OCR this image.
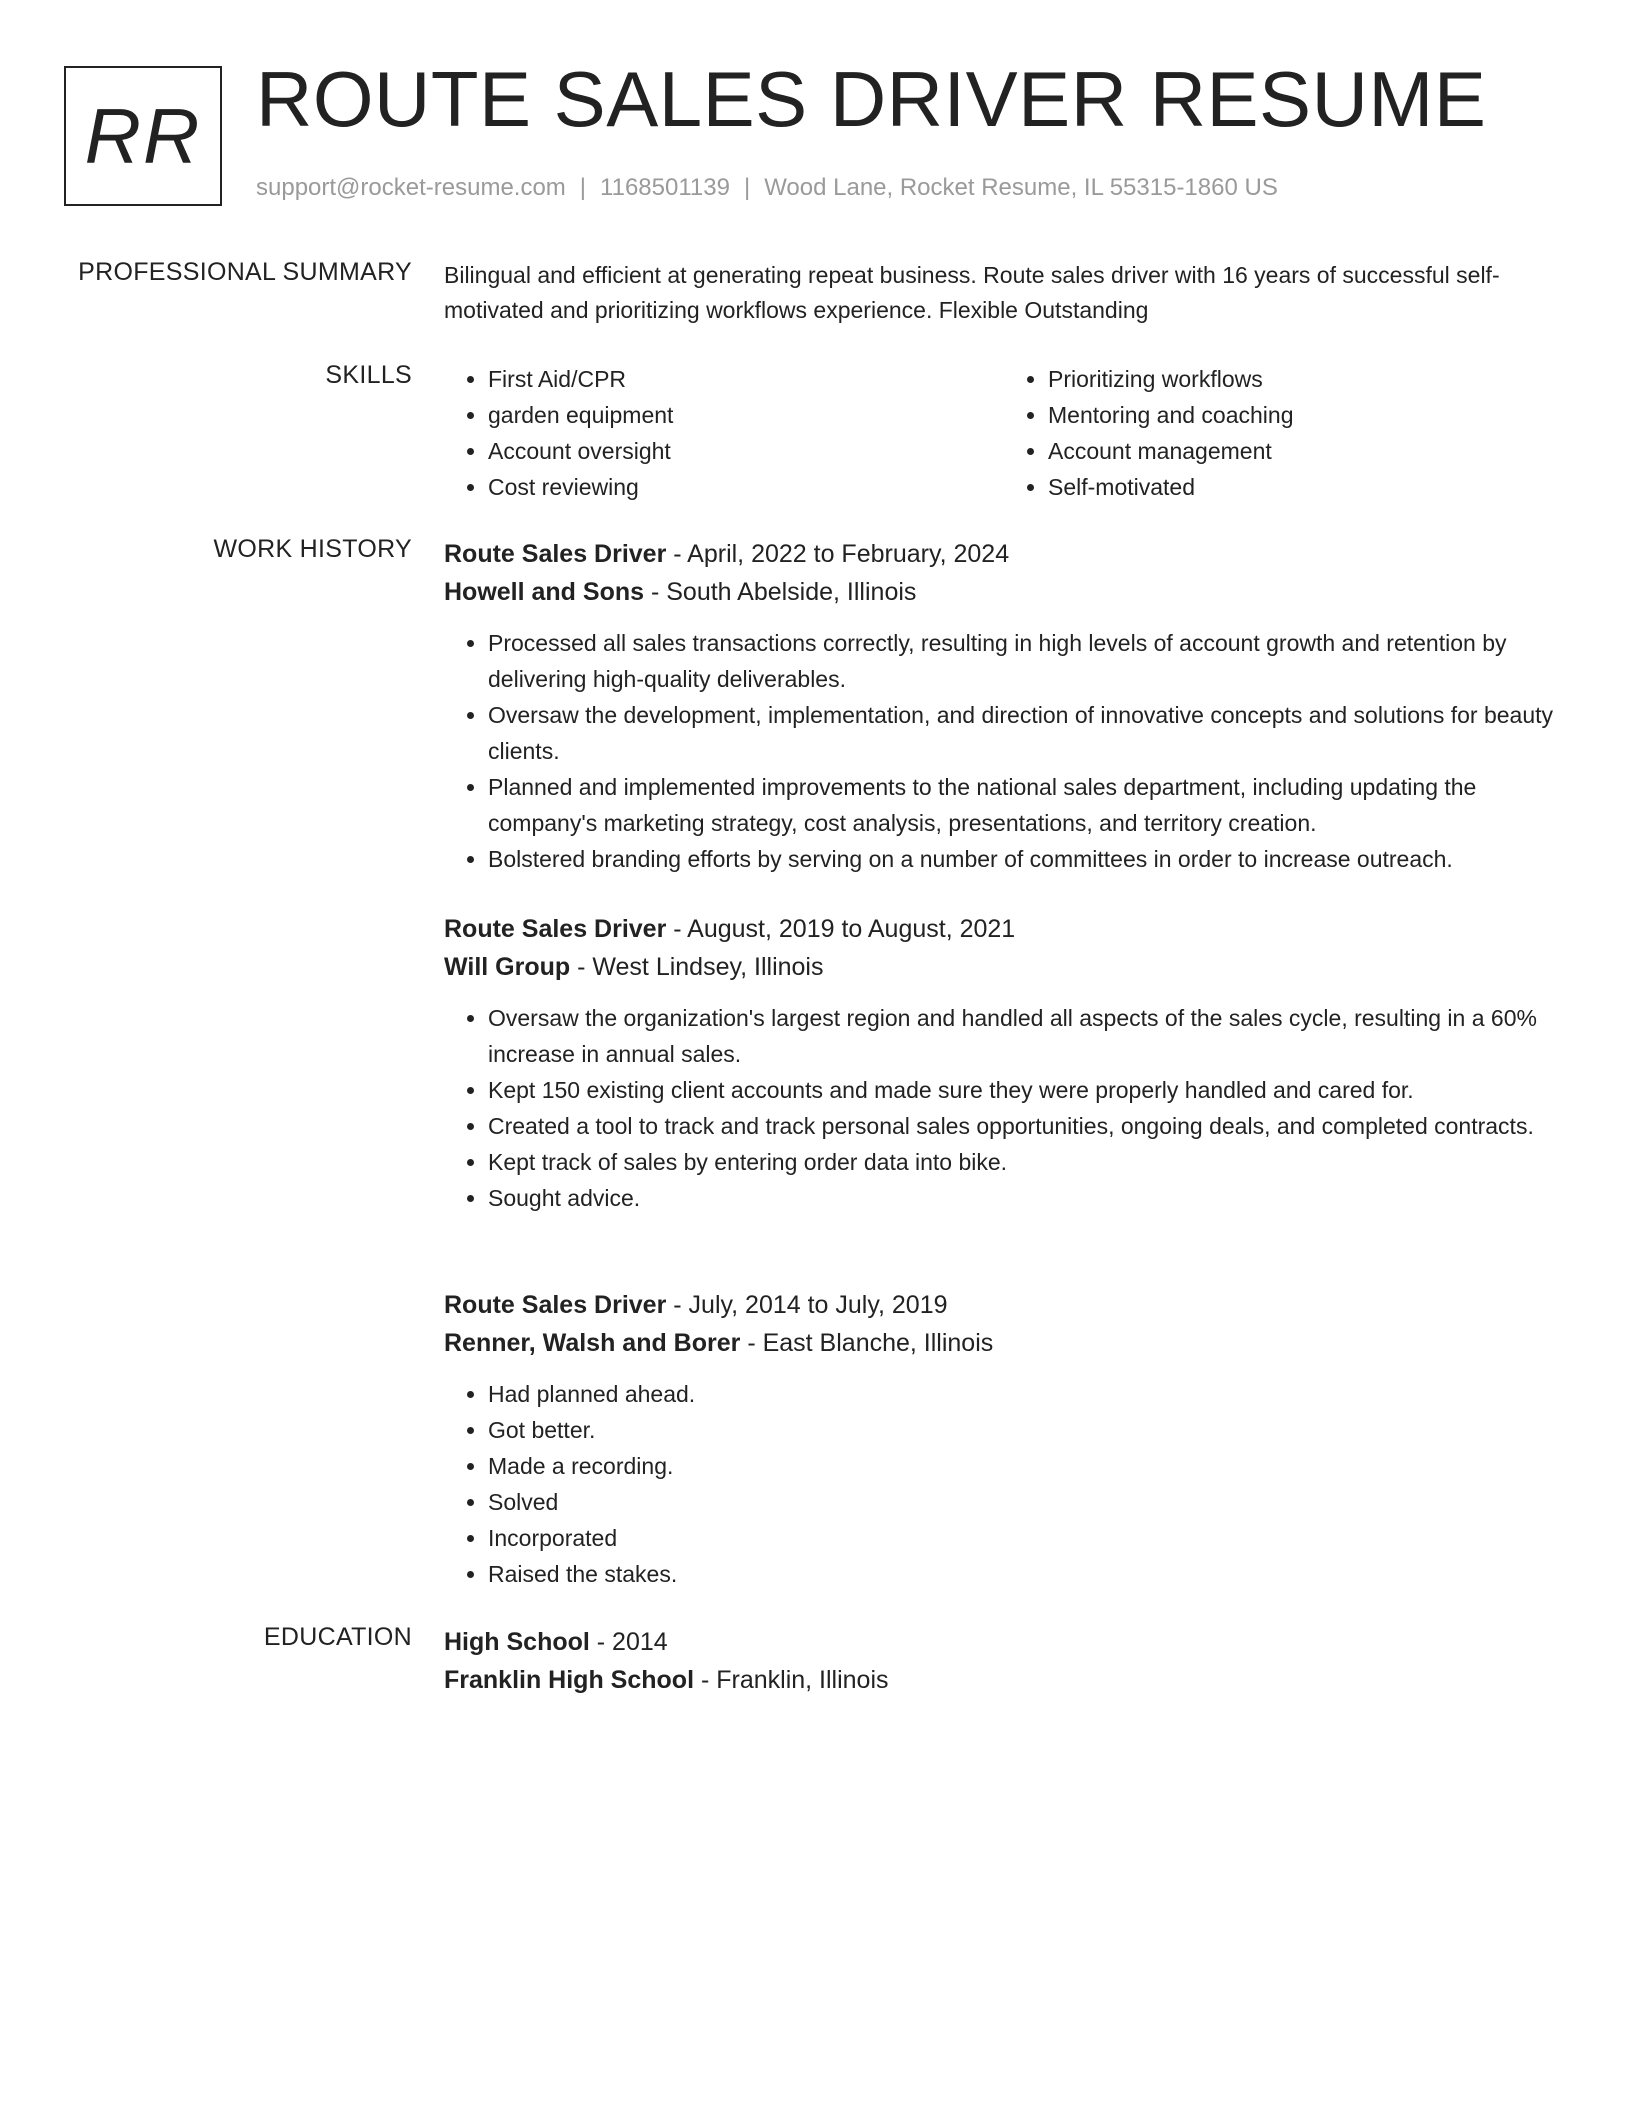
RR ROUTE SALES DRIVER RESUME
support@rocket-resume.com | 1168501139 | Wood Lane, Rocket Resume, IL 55315-1860 US
PROFESSIONAL SUMMARY Bilingual and efficient at generating repeat business. Route sales driver with 16 years of successful self-motivated and prioritizing workflows experience. Flexible Outstanding

SKILLS
•	First Aid/CPR
• garden equipment
• Account oversight
• Cost reviewing
• Prioritizing workflows
• Mentoring and coaching
• Account management
• Self-motivated
WORK HISTORY Route Sales Driver - April, 2022 to February, 2024

Howell and Sons - South Abelside, Illinois

• Processed all sales transactions correctly, resulting in high levels of account growth and retention by delivering high-quality deliverables.
• Oversaw the development, implementation, and direction of innovative concepts and solutions for beauty clients.
• Planned and implemented improvements to the national sales department, including updating the company's marketing strategy, cost analysis, presentations, and territory creation.
• Bolstered branding efforts by serving on a number of committees in order to increase outreach.

Route Sales Driver - August, 2019 to August, 2021

Will Group - West Lindsey, Illinois

• Oversaw the organization's largest region and handled all aspects of the sales cycle, resulting in a 60% increase in annual sales.
• Kept 150 existing client accounts and made sure they were properly handled and cared for.
• Created a tool to track and track personal sales opportunities, ongoing deals, and completed contracts.
• Kept track of sales by entering order data into bike.
• Sought advice.

Route Sales Driver - July, 2014 to July, 2019

Renner, Walsh and Borer - East Blanche, Illinois

• Had planned ahead.
• Got better.
• Made a recording.
• Solved
• Incorporated
• Raised the stakes.
EDUCATION High School - 2014

Franklin High School - Franklin, Illinois
